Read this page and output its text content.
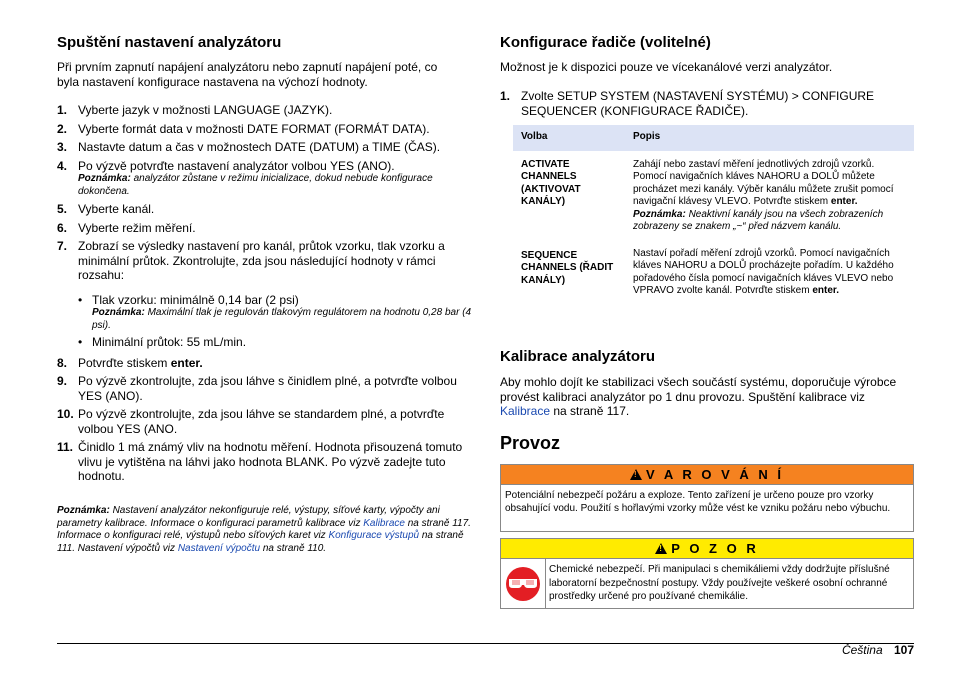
Spuštění nastavení analyzátoru

Při prvním zapnutí napájení analyzátoru nebo zapnutí napájení poté, co byla nastavení konfigurace nastavena na výchozí hodnoty.

1. Vyberte jazyk v možnosti LANGUAGE (JAZYK).
2. Vyberte formát data v možnosti DATE FORMAT (FORMÁT DATA).
3. Nastavte datum a čas v možnostech DATE (DATUM) a TIME (ČAS).
4. Po výzvě potvrďte nastavení analyzátor volbou YES (ANO).
Poznámka: analyzátor zůstane v režimu inicializace, dokud nebude konfigurace dokončena.
5. Vyberte kanál.
6. Vyberte režim měření.
7. Zobrazí se výsledky nastavení pro kanál, průtok vzorku, tlak vzorku a minimální průtok. Zkontrolujte, zda jsou následující hodnoty v rámci rozsahu:
• Tlak vzorku: minimálně 0,14 bar (2 psi)
Poznámka: Maximální tlak je regulován tlakovým regulátorem na hodnotu 0,28 bar (4 psi).
• Minimální průtok: 55 mL/min.
8. Potvrďte stiskem enter.
9. Po výzvě zkontrolujte, zda jsou láhve s činidlem plné, a potvrďte volbou YES (ANO).
10. Po výzvě zkontrolujte, zda jsou láhve se standardem plné, a potvrďte volbou YES (ANO.
11. Činidlo 1 má známý vliv na hodnotu měření. Hodnota přisouzená tomuto vlivu je vytištěna na láhvi jako hodnota BLANK. Po výzvě zadejte tuto hodnotu.

Poznámka: Nastavení analyzátor nekonfiguruje relé, výstupy, síťové karty, výpočty ani parametry kalibrace. Informace o konfiguraci parametrů kalibrace viz Kalibrace na straně 117. Informace o konfiguraci relé, výstupů nebo síťových karet viz Konfigurace výstupů na straně 111. Nastavení výpočtů viz Nastavení výpočtu na straně 110.

Konfigurace řadiče (volitelné)

Možnost je k dispozici pouze ve vícekanálové verzi analyzátor.

1. Zvolte SETUP SYSTEM (NASTAVENÍ SYSTÉMU) > CONFIGURE SEQUENCER (KONFIGURACE ŘADIČE).
Volba	Popis
ACTIVATE CHANNELS (AKTIVOVAT KANÁLY)	Zahájí nebo zastaví měření jednotlivých zdrojů vzorků. Pomocí navigačních kláves NAHORU a DOLŮ můžete procházet mezi kanály. Výběr kanálu můžete zrušit pomocí navigační klávesy VLEVO. Potvrďte stiskem enter.
Poznámka: Neaktivní kanály jsou na všech zobrazeních zobrazeny se znakem „~“ před názvem kanálu.

SEQUENCE CHANNELS (ŘADIT KANÁLY)	Nastaví pořadí měření zdrojů vzorků. Pomocí navigačních kláves NAHORU a DOLŮ procházejte pořadím. U každého pořadového čísla pomocí navigačních kláves VLEVO nebo VPRAVO zvolte kanál. Potvrďte stiskem enter.
Kalibrace analyzátoru

Aby mohlo dojít ke stabilizaci všech součástí systému, doporučuje výrobce provést kalibraci analyzátor po 1 dnu provozu. Spuštění kalibrace viz Kalibrace na straně 117.

Provoz
!V A R O V Á N Í
Potenciální nebezpečí požáru a exploze. Tento zařízení je určeno pouze pro vzorky obsahující vodu. Použití s hořlavými vzorky může vést ke vzniku požáru nebo výbuchu.
!P O Z O R
Chemické nebezpečí. Při manipulaci s chemikáliemi vždy dodržujte příslušné laboratorní bezpečnostní postupy. Vždy používejte veškeré osobní ochranné prostředky určené pro používané chemikálie.
Čeština 107
